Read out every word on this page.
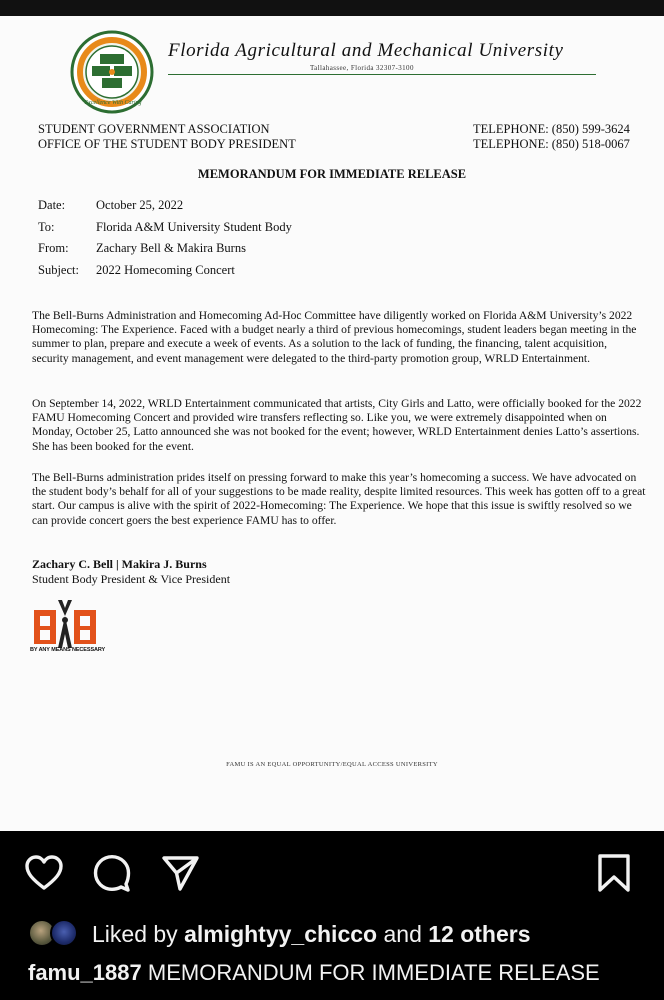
Excellence With Caring
Florida Agricultural and Mechanical University
Tallahassee, Florida 32307-3100
STUDENT GOVERNMENT ASSOCIATION
OFFICE OF THE STUDENT BODY PRESIDENT
TELEPHONE: (850) 599-3624
TELEPHONE: (850) 518-0067
MEMORANDUM FOR IMMEDIATE RELEASE
Date:	October 25, 2022
To:	Florida A&M University Student Body
From:	Zachary Bell & Makira Burns
Subject:	2022 Homecoming Concert

The Bell-Burns Administration and Homecoming Ad-Hoc Committee have diligently worked on Florida A&M University’s 2022 Homecoming: The Experience. Faced with a budget nearly a third of previous homecomings, student leaders began meeting in the summer to plan, prepare and execute a week of events. As a solution to the lack of funding, the financing, talent acquisition, security management, and event management were delegated to the third-party promotion group, WRLD Entertainment.

On September 14, 2022, WRLD Entertainment communicated that artists, City Girls and Latto, were officially booked for the 2022 FAMU Homecoming Concert and provided wire transfers reflecting so. Like you, we were extremely disappointed when on Monday, October 25, Latto announced she was not booked for the event; however, WRLD Entertainment denies Latto’s assertions. She has been booked for the event.

The Bell-Burns administration prides itself on pressing forward to make this year’s homecoming a success. We have advocated on the student body’s behalf for all of your suggestions to be made reality, despite limited resources. This week has gotten off to a great start. Our campus is alive with the spirit of 2022-Homecoming: The Experience. We hope that this issue is swiftly resolved so we can provide concert goers the best experience FAMU has to offer.

Zachary C. Bell | Makira J. Burns
Student Body President & Vice President
BY ANY MEANS NECESSARY
FAMU IS AN EQUAL OPPORTUNITY/EQUAL ACCESS UNIVERSITY
Liked by
almightyy_chicco
and
12 others
famu_1887 MEMORANDUM FOR IMMEDIATE RELEASE
